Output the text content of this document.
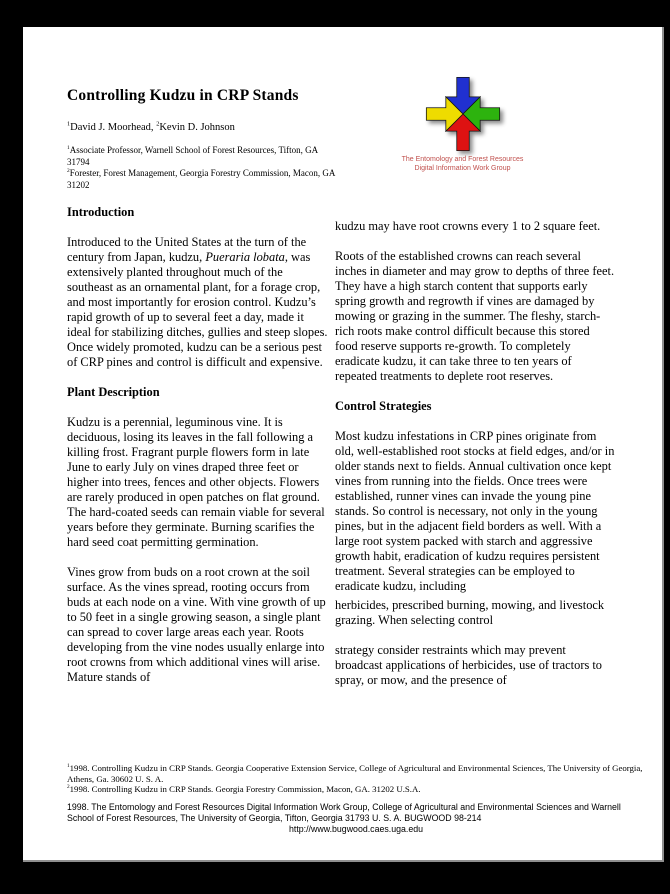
Controlling Kudzu in CRP Stands
$^1$David J. Moorhead, $^2$Kevin D. Johnson
$^1$Associate Professor, Warnell School of Forest Resources, Tifton, GA 31794
$^2$Forester, Forest Management, Georgia Forestry Commission, Macon, GA 31202
The Entomology and Forest Resources
Digital Information Work Group
Introduction

Introduced to the United States at the turn of the century from Japan, kudzu, Pueraria lobata, was extensively planted throughout much of the southeast as an ornamental plant, for a forage crop, and most importantly for erosion control. Kudzu’s rapid growth of up to several feet a day, made it ideal for stabilizing ditches, gullies and steep slopes. Once widely promoted, kudzu can be a serious pest of CRP pines and control is difficult and expensive.

Plant Description

Kudzu is a perennial, leguminous vine. It is deciduous, losing its leaves in the fall following a killing frost. Fragrant purple flowers form in late June to early July on vines draped three feet or higher into trees, fences and other objects. Flowers are rarely produced in open patches on flat ground. The hard-coated seeds can remain viable for several years before they germinate. Burning scarifies the hard seed coat permitting germination.

Vines grow from buds on a root crown at the soil surface. As the vines spread, rooting occurs from buds at each node on a vine. With vine growth of up to 50 feet in a single growing season, a single plant can spread to cover large areas each year. Roots developing from the vine nodes usually enlarge into root crowns from which additional vines will arise. Mature stands of

kudzu may have root crowns every 1 to 2 square feet.

Roots of the established crowns can reach several inches in diameter and may grow to depths of three feet. They have a high starch content that supports early spring growth and regrowth if vines are damaged by mowing or grazing in the summer. The fleshy, starch-rich roots make control difficult because this stored food reserve supports re-growth. To completely eradicate kudzu, it can take three to ten years of repeated treatments to deplete root reserves.

Control Strategies

Most kudzu infestations in CRP pines originate from old, well-established root stocks at field edges, and/or in older stands next to fields. Annual cultivation once kept vines from running into the fields. Once trees were established, runner vines can invade the young pine stands. So control is necessary, not only in the young pines, but in the adjacent field borders as well. With a large root system packed with starch and aggressive growth habit, eradication of kudzu requires persistent treatment. Several strategies can be employed to eradicate kudzu, including

herbicides, prescribed burning, mowing, and livestock grazing. When selecting control

strategy consider restraints which may prevent broadcast applications of herbicides, use of tractors to spray, or mow, and the presence of

$^1$1998. Controlling Kudzu in CRP Stands. Georgia Cooperative Extension Service, College of Agricultural and Environmental Sciences, The University of Georgia, Athens, Ga. 30602 U. S. A.
$^2$1998. Controlling Kudzu in CRP Stands. Georgia Forestry Commission, Macon, GA. 31202 U.S.A.
1998. The Entomology and Forest Resources Digital Information Work Group, College of Agricultural and Environmental Sciences and Warnell School of Forest Resources, The University of Georgia, Tifton, Georgia 31793 U. S. A. BUGWOOD 98-214
http://www.bugwood.caes.uga.edu
